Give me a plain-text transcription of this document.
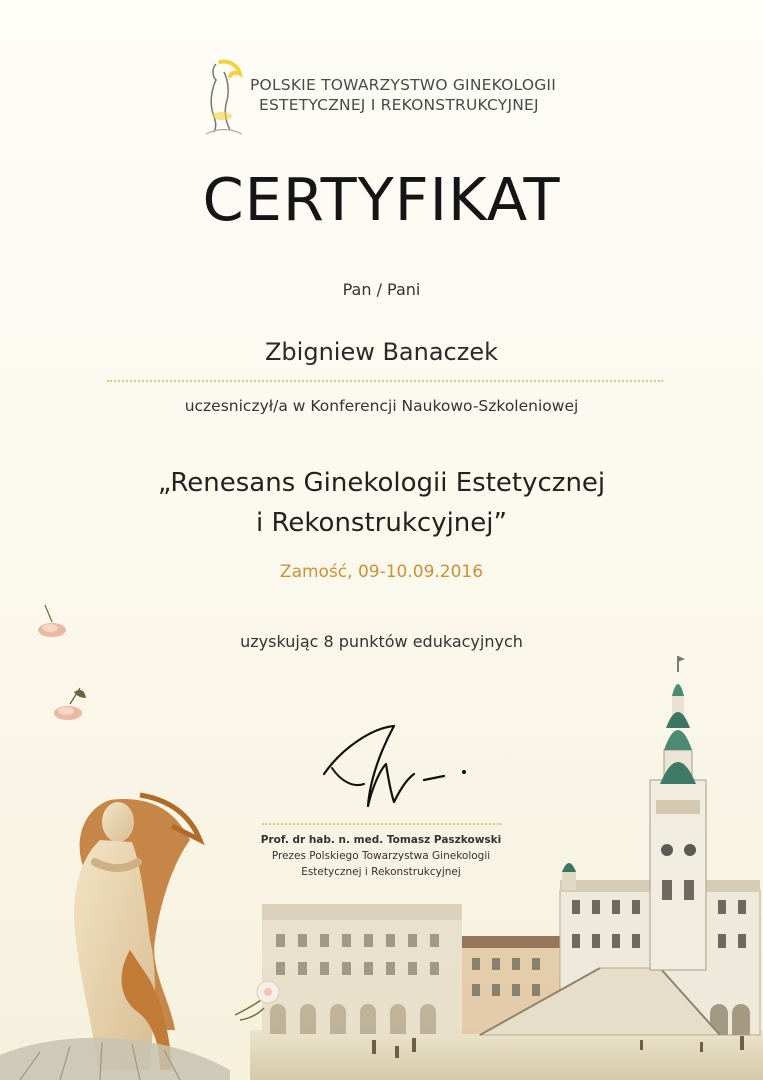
POLSKIE TOWARZYSTWO GINEKOLOGII
ESTETYCZNEJ I REKONSTRUKCYJNEJ
CERTYFIKAT
Pan / Pani
Zbigniew Banaczek
uczesniczył/a w Konferencji Naukowo-Szkoleniowej
„Renesans Ginekologii Estetycznej
i Rekonstrukcyjnej”
Zamość, 09-10.09.2016
uzyskując 8 punktów edukacyjnych
Prof. dr hab. n. med. Tomasz Paszkowski
Prezes Polskiego Towarzystwa Ginekologii
Estetycznej i Rekonstrukcyjnej
